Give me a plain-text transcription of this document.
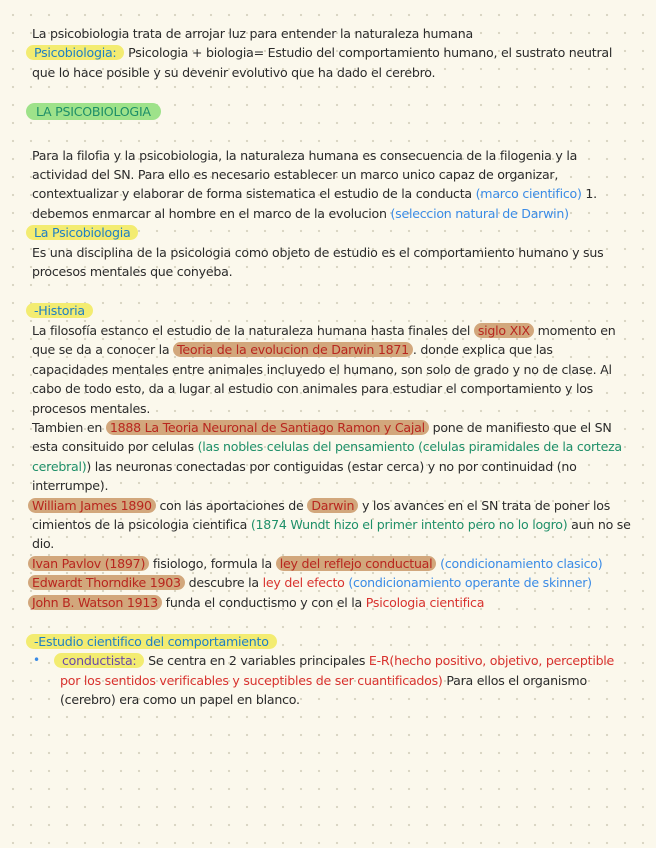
La psicobiologia trata de arrojar luz para entender la naturaleza humana

Psicobiologia: Psicologia + biologia= Estudio del comportamiento humano, el sustrato neutral que lo hace posible y su devenir evolutivo que ha dado el cerebro.

LA PSICOBIOLOGIA

Para la filofia y la psicobiologia, la naturaleza humana es consecuencia de la filogenia y la actividad del SN. Para ello es necesario establecer un marco unico capaz de organizar, contextualizar y elaborar de forma sistematica el estudio de la conducta (marco cientifico) 1. debemos enmarcar al hombre en el marco de la evolucion (seleccion natural de Darwin)

La Psicobiologia

Es una disciplina de la psicologia como objeto de estudio es el comportamiento humano y sus procesos mentales que conyeba.

-Historia

La filosofía estanco el estudio de la naturaleza humana hasta finales del siglo XIX momento en que se da a conocer la Teoria de la evolucion de Darwin 1871 . donde explica que las capacidades mentales entre animales incluyedo el humano, son solo de grado y no de clase. Al cabo de todo esto, da a lugar al estudio con animales para estudiar el comportamiento y los procesos mentales.

Tambien en 1888 La Teoria Neuronal de Santiago Ramon y Cajal pone de manifiesto que el SN esta consituido por celulas (las nobles celulas del pensamiento (celulas piramidales de la corteza cerebral)) las neuronas conectadas por contiguidas (estar cerca) y no por continuidad (no interrumpe).

William James 1890 con las aportaciones de Darwin y los avances en el SN trata de poner los cimientos de la psicologia cientifica (1874 Wundt hizo el primer intento pero no lo logro) aun no se dio.

Ivan Pavlov (1897) fisiologo, formula la ley del reflejo conductual (condicionamiento clasico)

Edwardt Thorndike 1903 descubre la ley del efecto (condicionamiento operante de skinner)

John B. Watson 1913 funda el conductismo y con el la Psicologia cientifica

-Estudio cientifico del comportamiento

• conductista: Se centra en 2 variables principales E-R(hecho positivo, objetivo, perceptible por los sentidos verificables y suceptibles de ser cuantificados) Para ellos el organismo (cerebro) era como un papel en blanco.
